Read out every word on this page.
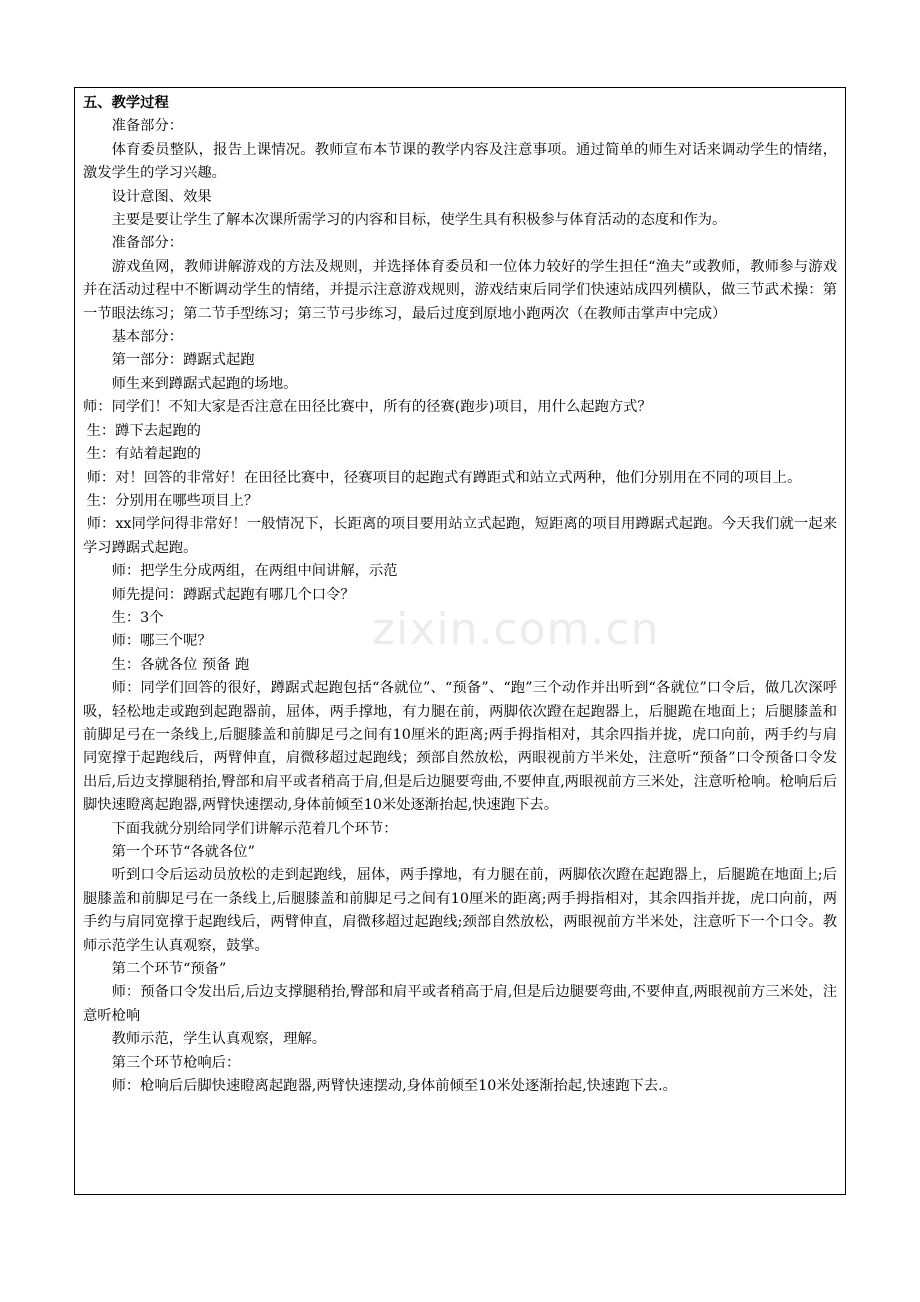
五、教学过程

准备部分：

体育委员整队，报告上课情况。教师宣布本节课的教学内容及注意事项。通过简单的师生对话来调动学生的情绪，激发学生的学习兴趣。

设计意图、效果

主要是要让学生了解本次课所需学习的内容和目标，使学生具有积极参与体育活动的态度和作为。

准备部分：

游戏鱼网，教师讲解游戏的方法及规则，并选择体育委员和一位体力较好的学生担任“渔夫”或教师，教师参与游戏并在活动过程中不断调动学生的情绪，并提示注意游戏规则，游戏结束后同学们快速站成四列横队，做三节武术操：第一节眼法练习；第二节手型练习；第三节弓步练习，最后过度到原地小跑两次（在教师击掌声中完成）

基本部分：

第一部分：蹲踞式起跑

师生来到蹲踞式起跑的场地。

师：同学们！不知大家是否注意在田径比赛中，所有的径赛(跑步)项目，用什么起跑方式？

生：蹲下去起跑的

生：有站着起跑的

师：对！回答的非常好！在田径比赛中，径赛项目的起跑式有蹲距式和站立式两种，他们分别用在不同的项目上。

生：分别用在哪些项目上？

师：xx同学问得非常好！一般情况下，长距离的项目要用站立式起跑，短距离的项目用蹲踞式起跑。今天我们就一起来学习蹲踞式起跑。

师：把学生分成两组，在两组中间讲解，示范

师先提问：蹲踞式起跑有哪几个口令？

生：3个

师：哪三个呢？

生：各就各位 预备 跑

师：同学们回答的很好，蹲踞式起跑包括“各就位”、“预备”、“跑”三个动作并出听到“各就位”口令后，做几次深呼吸，轻松地走或跑到起跑器前，屈体，两手撑地，有力腿在前，两脚依次蹬在起跑器上，后腿跪在地面上；后腿膝盖和前脚足弓在一条线上,后腿膝盖和前脚足弓之间有10厘米的距离;两手拇指相对，其余四指并拢，虎口向前，两手约与肩同宽撑于起跑线后，两臂伸直，肩微移超过起跑线；颈部自然放松，两眼视前方半米处，注意听“预备”口令预备口令发出后,后边支撑腿稍抬,臀部和肩平或者稍高于肩,但是后边腿要弯曲,不要伸直,两眼视前方三米处，注意听枪响。枪响后后脚快速瞪离起跑器,两臂快速摆动,身体前倾至10米处逐渐抬起,快速跑下去。

下面我就分别给同学们讲解示范着几个环节：

第一个环节“各就各位”

听到口令后运动员放松的走到起跑线，屈体，两手撑地，有力腿在前，两脚依次蹬在起跑器上，后腿跪在地面上;后腿膝盖和前脚足弓在一条线上,后腿膝盖和前脚足弓之间有10厘米的距离;两手拇指相对，其余四指并拢，虎口向前，两手约与肩同宽撑于起跑线后，两臂伸直，肩微移超过起跑线;颈部自然放松，两眼视前方半米处，注意听下一个口令。教师示范学生认真观察，鼓掌。

第二个环节“预备”

师：预备口令发出后,后边支撑腿稍抬,臀部和肩平或者稍高于肩,但是后边腿要弯曲,不要伸直,两眼视前方三米处，注意听枪响

教师示范，学生认真观察，理解。

第三个环节枪响后：

师：枪响后后脚快速瞪离起跑器,两臂快速摆动,身体前倾至10米处逐渐抬起,快速跑下去.。

zixin.com.cn
